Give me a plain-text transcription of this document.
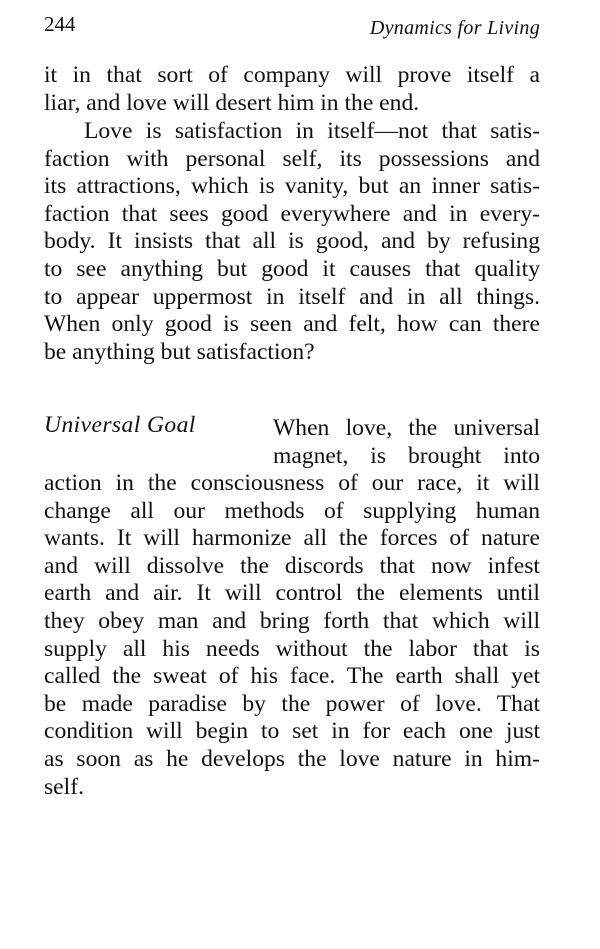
244	Dynamics for Living
it in that sort of company will prove itself a
liar, and love will desert him in the end.
Love is satisfaction in itself—not that satis-
faction with personal self, its possessions and
its attractions, which is vanity, but an inner satis-
faction that sees good everywhere and in every-
body. It insists that all is good, and by refusing
to see anything but good it causes that quality
to appear uppermost in itself and in all things.
When only good is seen and felt, how can there
be anything but satisfaction?
Universal Goal	When love, the universal
magnet, is brought into
action in the consciousness of our race, it will
change all our methods of supplying human
wants. It will harmonize all the forces of nature
and will dissolve the discords that now infest
earth and air. It will control the elements until
they obey man and bring forth that which will
supply all his needs without the labor that is
called the sweat of his face. The earth shall yet
be made paradise by the power of love. That
condition will begin to set in for each one just
as soon as he develops the love nature in him-
self.
